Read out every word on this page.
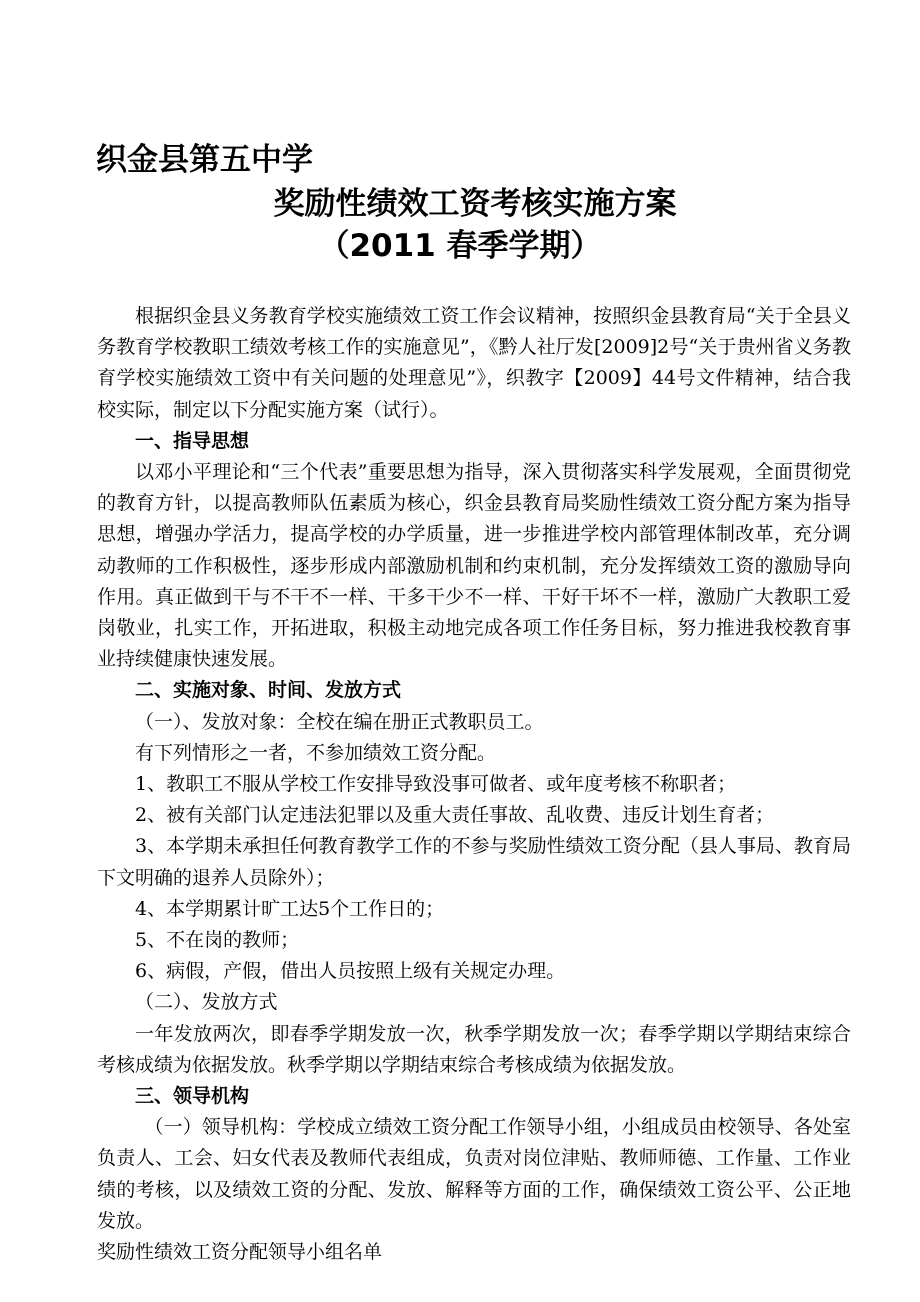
织金县第五中学
奖励性绩效工资考核实施方案
（2011 春季学期）

根据织金县义务教育学校实施绩效工资工作会议精神，按照织金县教育局“关于全县义务教育学校教职工绩效考核工作的实施意见”，《黔人社厅发[2009]2号“关于贵州省义务教育学校实施绩效工资中有关问题的处理意见”》，织教字【2009】44号文件精神，结合我校实际，制定以下分配实施方案（试行）。

一、指导思想

以邓小平理论和“三个代表”重要思想为指导，深入贯彻落实科学发展观，全面贯彻党的教育方针，以提高教师队伍素质为核心，织金县教育局奖励性绩效工资分配方案为指导思想，增强办学活力，提高学校的办学质量，进一步推进学校内部管理体制改革，充分调动教师的工作积极性，逐步形成内部激励机制和约束机制，充分发挥绩效工资的激励导向作用。真正做到干与不干不一样、干多干少不一样、干好干坏不一样，激励广大教职工爱岗敬业，扎实工作，开拓进取，积极主动地完成各项工作任务目标，努力推进我校教育事业持续健康快速发展。

二、实施对象、时间、发放方式

（一）、发放对象：全校在编在册正式教职员工。

有下列情形之一者，不参加绩效工资分配。

1、教职工不服从学校工作安排导致没事可做者、或年度考核不称职者；

2、被有关部门认定违法犯罪以及重大责任事故、乱收费、违反计划生育者；

3、本学期未承担任何教育教学工作的不参与奖励性绩效工资分配（县人事局、教育局下文明确的退养人员除外）；

4、本学期累计旷工达5个工作日的；

5、不在岗的教师；

6、病假，产假，借出人员按照上级有关规定办理。

（二）、发放方式

一年发放两次，即春季学期发放一次，秋季学期发放一次；春季学期以学期结束综合考核成绩为依据发放。秋季学期以学期结束综合考核成绩为依据发放。

三、领导机构

（一）领导机构：学校成立绩效工资分配工作领导小组，小组成员由校领导、各处室负责人、工会、妇女代表及教师代表组成，负责对岗位津贴、教师师德、工作量、工作业绩的考核，以及绩效工资的分配、发放、解释等方面的工作，确保绩效工资公平、公正地发放。

奖励性绩效工资分配领导小组名单
